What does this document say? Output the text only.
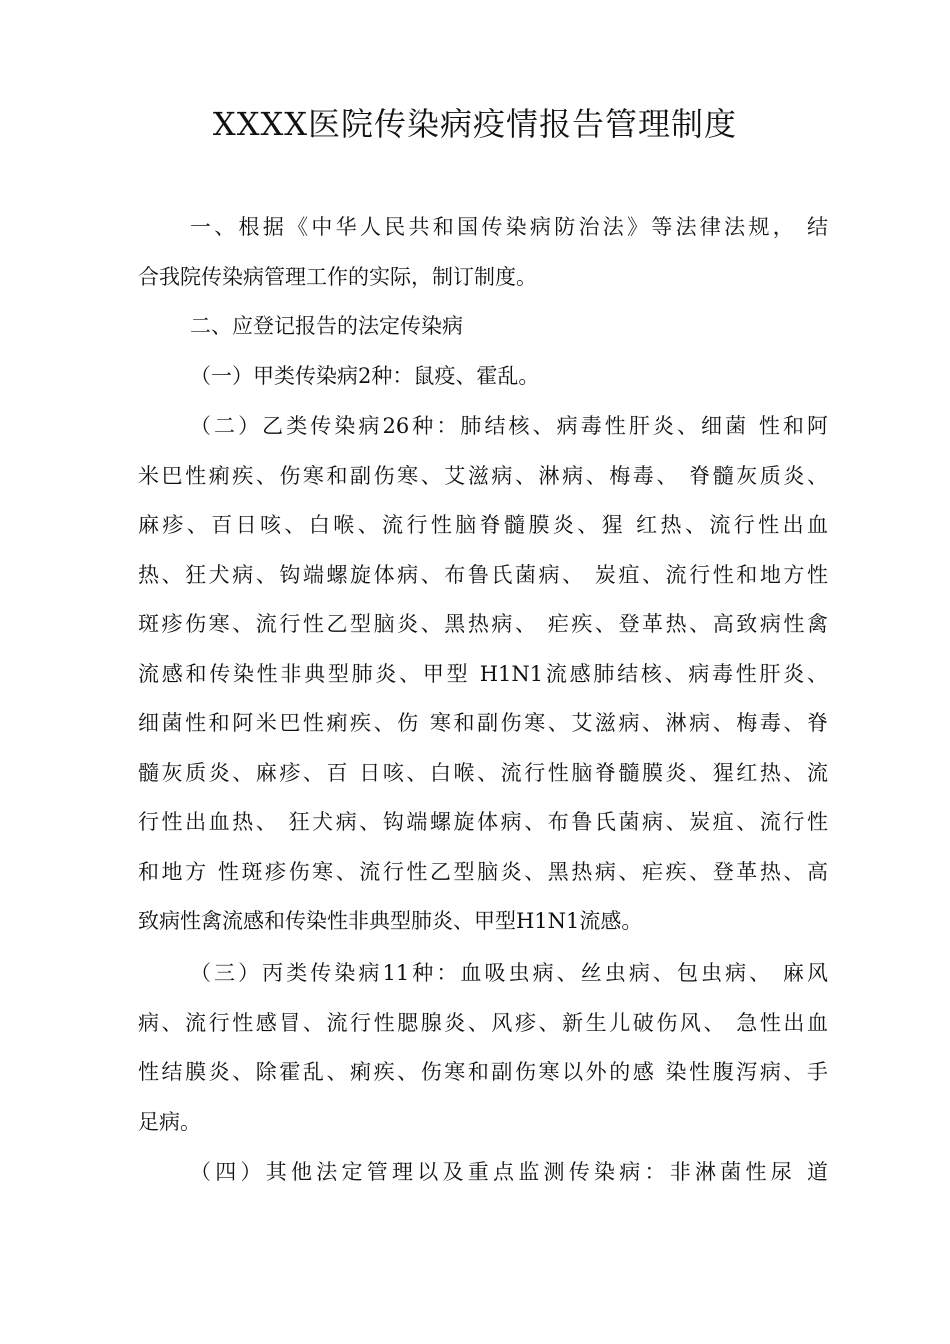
XXXX医院传染病疫情报告管理制度
一、根据《中华人民共和国传染病防治法》等法律法规， 结
合我院传染病管理工作的实际，制订制度。
二、应登记报告的法定传染病
（一）甲类传染病2种：鼠疫、霍乱。
（二）乙类传染病26种：肺结核、病毒性肝炎、细菌 性和阿
米巴性痢疾、伤寒和副伤寒、艾滋病、淋病、梅毒、 脊髓灰质炎、
麻疹、百日咳、白喉、流行性脑脊髓膜炎、猩 红热、流行性出血
热、狂犬病、钩端螺旋体病、布鲁氏菌病、 炭疽、流行性和地方性
斑疹伤寒、流行性乙型脑炎、黑热病、 疟疾、登革热、高致病性禽
流感和传染性非典型肺炎、甲型 H1N1流感肺结核、病毒性肝炎、
细菌性和阿米巴性痢疾、伤 寒和副伤寒、艾滋病、淋病、梅毒、脊
髓灰质炎、麻疹、百 日咳、白喉、流行性脑脊髓膜炎、猩红热、流
行性出血热、 狂犬病、钩端螺旋体病、布鲁氏菌病、炭疽、流行性
和地方 性斑疹伤寒、流行性乙型脑炎、黑热病、疟疾、登革热、高
致病性禽流感和传染性非典型肺炎、甲型H1N1流感。
（三）丙类传染病11种：血吸虫病、丝虫病、包虫病、 麻风
病、流行性感冒、流行性腮腺炎、风疹、新生儿破伤风、 急性出血
性结膜炎、除霍乱、痢疾、伤寒和副伤寒以外的感 染性腹泻病、手
足病。
（四）其他法定管理以及重点监测传染病：非淋菌性尿 道
